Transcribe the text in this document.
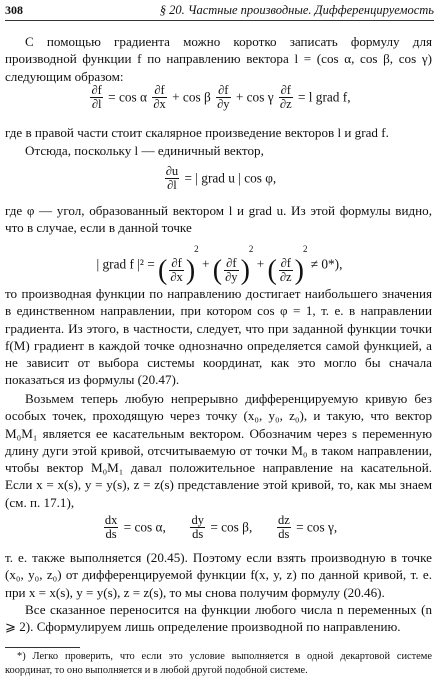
308	§ 20. Частные производные. Дифференцируемость

С помощью градиента можно коротко записать формулу для производной функции f по направлению вектора l = (cos α, cos β, cos γ) следующим образом:

$\frac{\partial f}{\partial l} = \cos \alpha \frac{\partial f}{\partial x} + \cos \beta \frac{\partial f}{\partial y} + \cos \gamma \frac{\partial f}{\partial z} = l$ grad f,

где в правой части стоит скалярное произведение векторов l и grad f.

Отсюда, поскольку l — единичный вектор,

$\frac{\partial u}{\partial l}$ = | grad u | cos φ,

где φ — угол, образованный вектором l и grad u. Из этой формулы видно, что в случае, если в данной точке

| grad f |² = ( $\frac{\partial f}{\partial x} )^2$ + ( $\frac{\partial f}{\partial y} )^2$ + ( $\frac{\partial f}{\partial z} )^2 \ne 0*$),

то производная функции по направлению достигает наибольшего значения в единственном направлении, при котором cos φ = 1, т. е. в направлении градиента. Из этого, в частности, следует, что при заданной функции точки f(M) градиент в каждой точке однозначно определяется самой функцией, а не зависит от выбора системы координат, как это могло бы сначала показаться из формулы (20.47).

Возьмем теперь любую непрерывно дифференцируемую кривую без особых точек, проходящую через точку (x₀, y₀, z₀), и такую, что вектор M₀M₁ является ее касательным вектором. Обозначим через s переменную длину дуги этой кривой, отсчитываемую от точки M₀ в таком направлении, чтобы вектор M₀M₁ давал положительное направление на касательной. Если x = x(s), y = y(s), z = z(s) представление этой кривой, то, как мы знаем (см. п. 17.1),

$\frac{dx}{ds} = \cos \alpha$, $\frac{dy}{ds} = \cos \beta$, $\frac{dz}{ds} = \cos \gamma$,

т. е. также выполняется (20.45). Поэтому если взять производную в точке (x₀, y₀, z₀) от дифференцируемой функции f(x, y, z) по данной кривой, т. е. при x = x(s), y = y(s), z = z(s), то мы снова получим формулу (20.46).

Все сказанное переносится на функции любого числа n переменных (n ⩾ 2). Сформулируем лишь определение производной по направлению.

*) Легко проверить, что если это условие выполняется в одной декартовой системе координат, то оно выполняется и в любой другой подобной системе.
